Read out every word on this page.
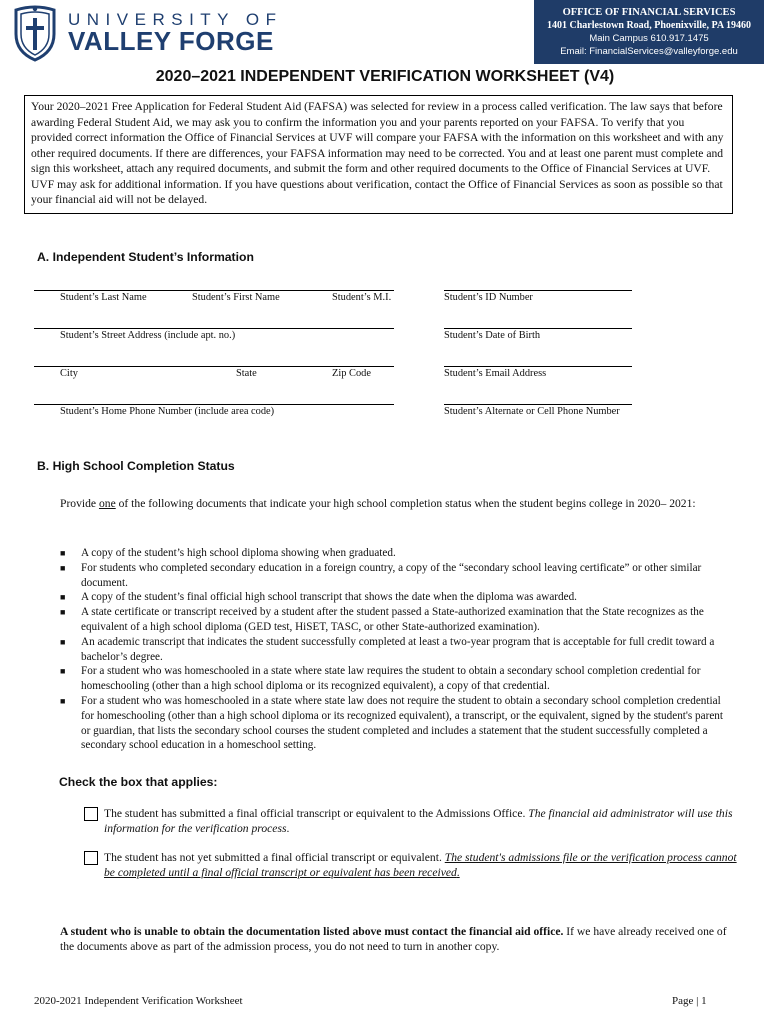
UNIVERSITY OF
VALLEY FORGE
OFFICE OF FINANCIAL SERVICES
1401 Charlestown Road, Phoenixville, PA 19460
Main Campus 610.917.1475
Email: FinancialServices@valleyforge.edu
2020–2021 INDEPENDENT VERIFICATION WORKSHEET (V4)
Your 2020–2021 Free Application for Federal Student Aid (FAFSA) was selected for review in a process called verification. The law says that before awarding Federal Student Aid, we may ask you to confirm the information you and your parents reported on your FAFSA. To verify that you provided correct information the Office of Financial Services at UVF will compare your FAFSA with the information on this worksheet and with any other required documents. If there are differences, your FAFSA information may need to be corrected. You and at least one parent must complete and sign this worksheet, attach any required documents, and submit the form and other required documents to the Office of Financial Services at UVF. UVF may ask for additional information. If you have questions about verification, contact the Office of Financial Services as soon as possible so that your financial aid will not be delayed.
A. Independent Student’s Information
Student’s Last Name	Student’s First Name	Student’s M.I.	Student’s ID Number
Student’s Street Address (include apt. no.)	Student’s Date of Birth
City	State	Zip Code	Student’s Email Address
Student’s Home Phone Number (include area code)	Student’s Alternate or Cell Phone Number
B. High School Completion Status
Provide one of the following documents that indicate your high school completion status when the student begins college in 2020– 2021:
■ A copy of the student’s high school diploma showing when graduated.
■ For students who completed secondary education in a foreign country, a copy of the “secondary school leaving certificate” or other similar document.
■ A copy of the student’s final official high school transcript that shows the date when the diploma was awarded.
■ A state certificate or transcript received by a student after the student passed a State-authorized examination that the State recognizes as the equivalent of a high school diploma (GED test, HiSET, TASC, or other State-authorized examination).
■ An academic transcript that indicates the student successfully completed at least a two-year program that is acceptable for full credit toward a bachelor’s degree.
■ For a student who was homeschooled in a state where state law requires the student to obtain a secondary school completion credential for homeschooling (other than a high school diploma or its recognized equivalent), a copy of that credential.
■ For a student who was homeschooled in a state where state law does not require the student to obtain a secondary school completion credential for homeschooling (other than a high school diploma or its recognized equivalent), a transcript, or the equivalent, signed by the student's parent or guardian, that lists the secondary school courses the student completed and includes a statement that the student successfully completed a secondary school education in a homeschool setting.
Check the box that applies:
The student has submitted a final official transcript or equivalent to the Admissions Office. The financial aid administrator will use this information for the verification process.
The student has not yet submitted a final official transcript or equivalent. The student's admissions file or the verification process cannot be completed until a final official transcript or equivalent has been received.
A student who is unable to obtain the documentation listed above must contact the financial aid office. If we have already received one of the documents above as part of the admission process, you do not need to turn in another copy.
2020-2021 Independent Verification Worksheet	Page | 1
